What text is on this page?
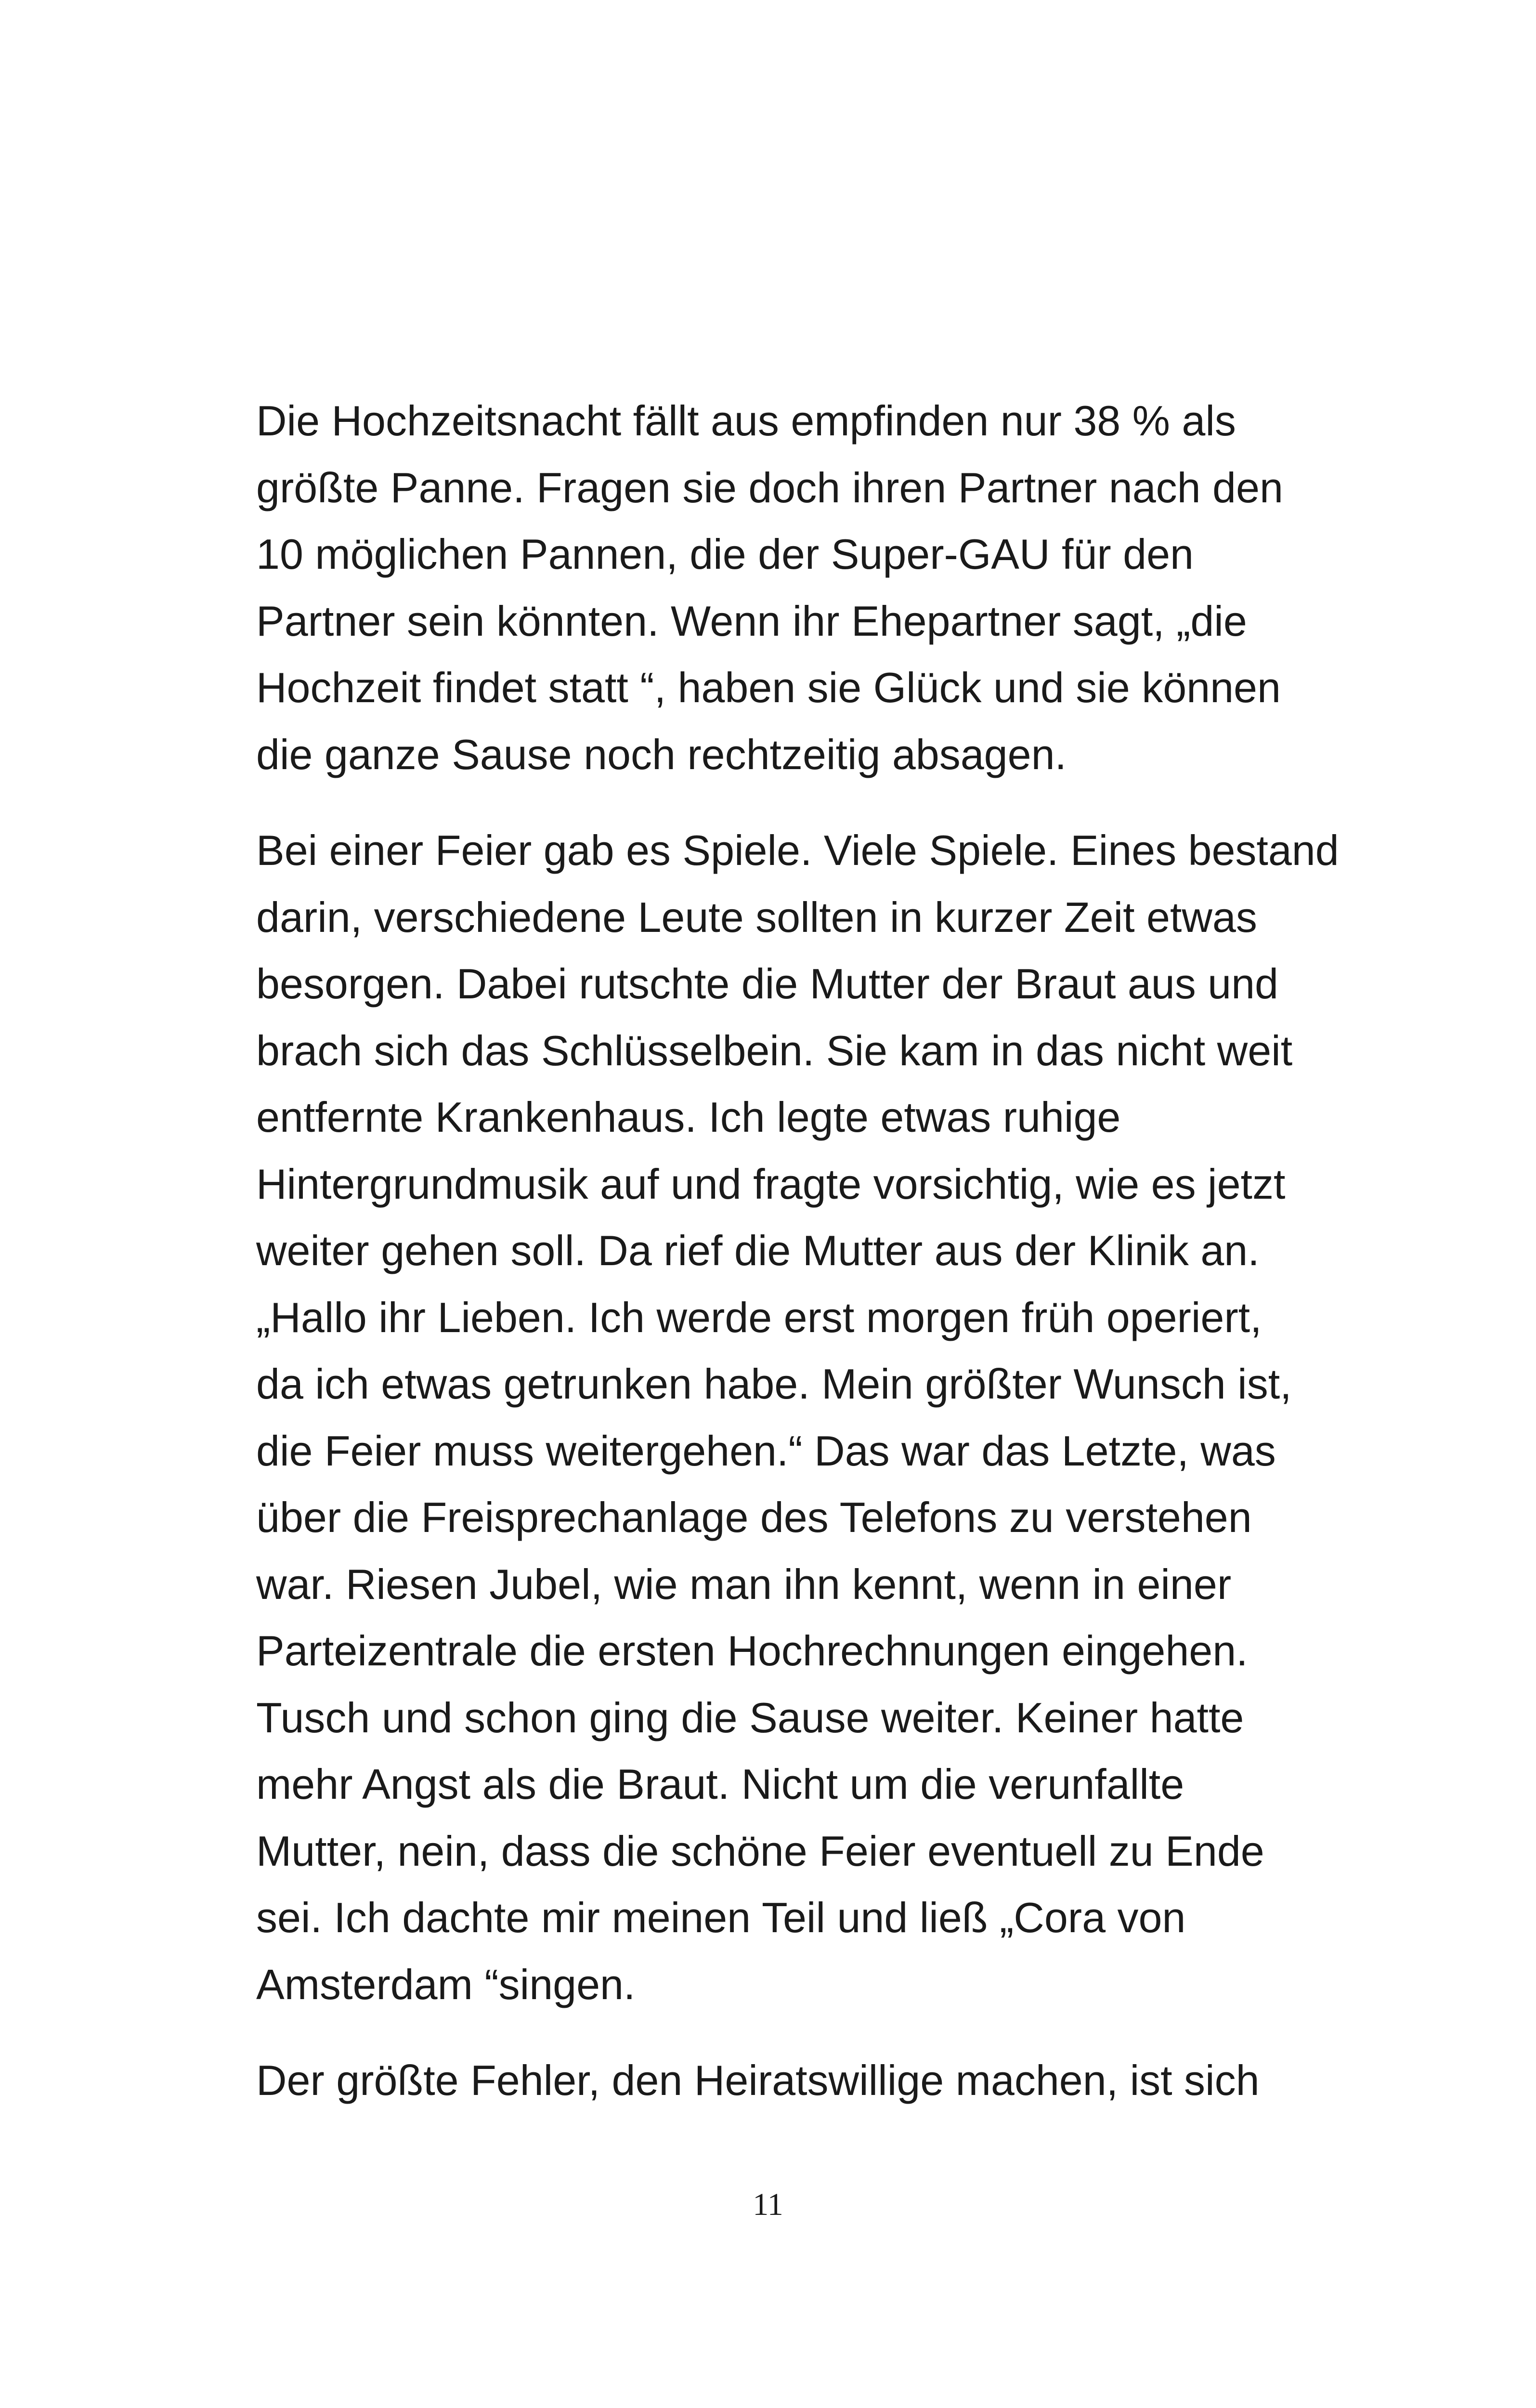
Die Hochzeitsnacht fällt aus empfinden nur 38 % als
größte Panne. Fragen sie doch ihren Partner nach den
10 möglichen Pannen, die der Super-GAU für den
Partner sein könnten. Wenn ihr Ehepartner sagt, „die
Hochzeit findet statt “, haben sie Glück und sie können
die ganze Sause noch rechtzeitig absagen.

Bei einer Feier gab es Spiele. Viele Spiele. Eines bestand
darin, verschiedene Leute sollten in kurzer Zeit etwas
besorgen. Dabei rutschte die Mutter der Braut aus und
brach sich das Schlüsselbein. Sie kam in das nicht weit
entfernte Krankenhaus. Ich legte etwas ruhige
Hintergrundmusik auf und fragte vorsichtig, wie es jetzt
weiter gehen soll. Da rief die Mutter aus der Klinik an.
„Hallo ihr Lieben. Ich werde erst morgen früh operiert,
da ich etwas getrunken habe. Mein größter Wunsch ist,
die Feier muss weitergehen.“ Das war das Letzte, was
über die Freisprechanlage des Telefons zu verstehen
war. Riesen Jubel, wie man ihn kennt, wenn in einer
Parteizentrale die ersten Hochrechnungen eingehen.
Tusch und schon ging die Sause weiter. Keiner hatte
mehr Angst als die Braut. Nicht um die verunfallte
Mutter, nein, dass die schöne Feier eventuell zu Ende
sei. Ich dachte mir meinen Teil und ließ „Cora von
Amsterdam “singen.

Der größte Fehler, den Heiratswillige machen, ist sich

11
